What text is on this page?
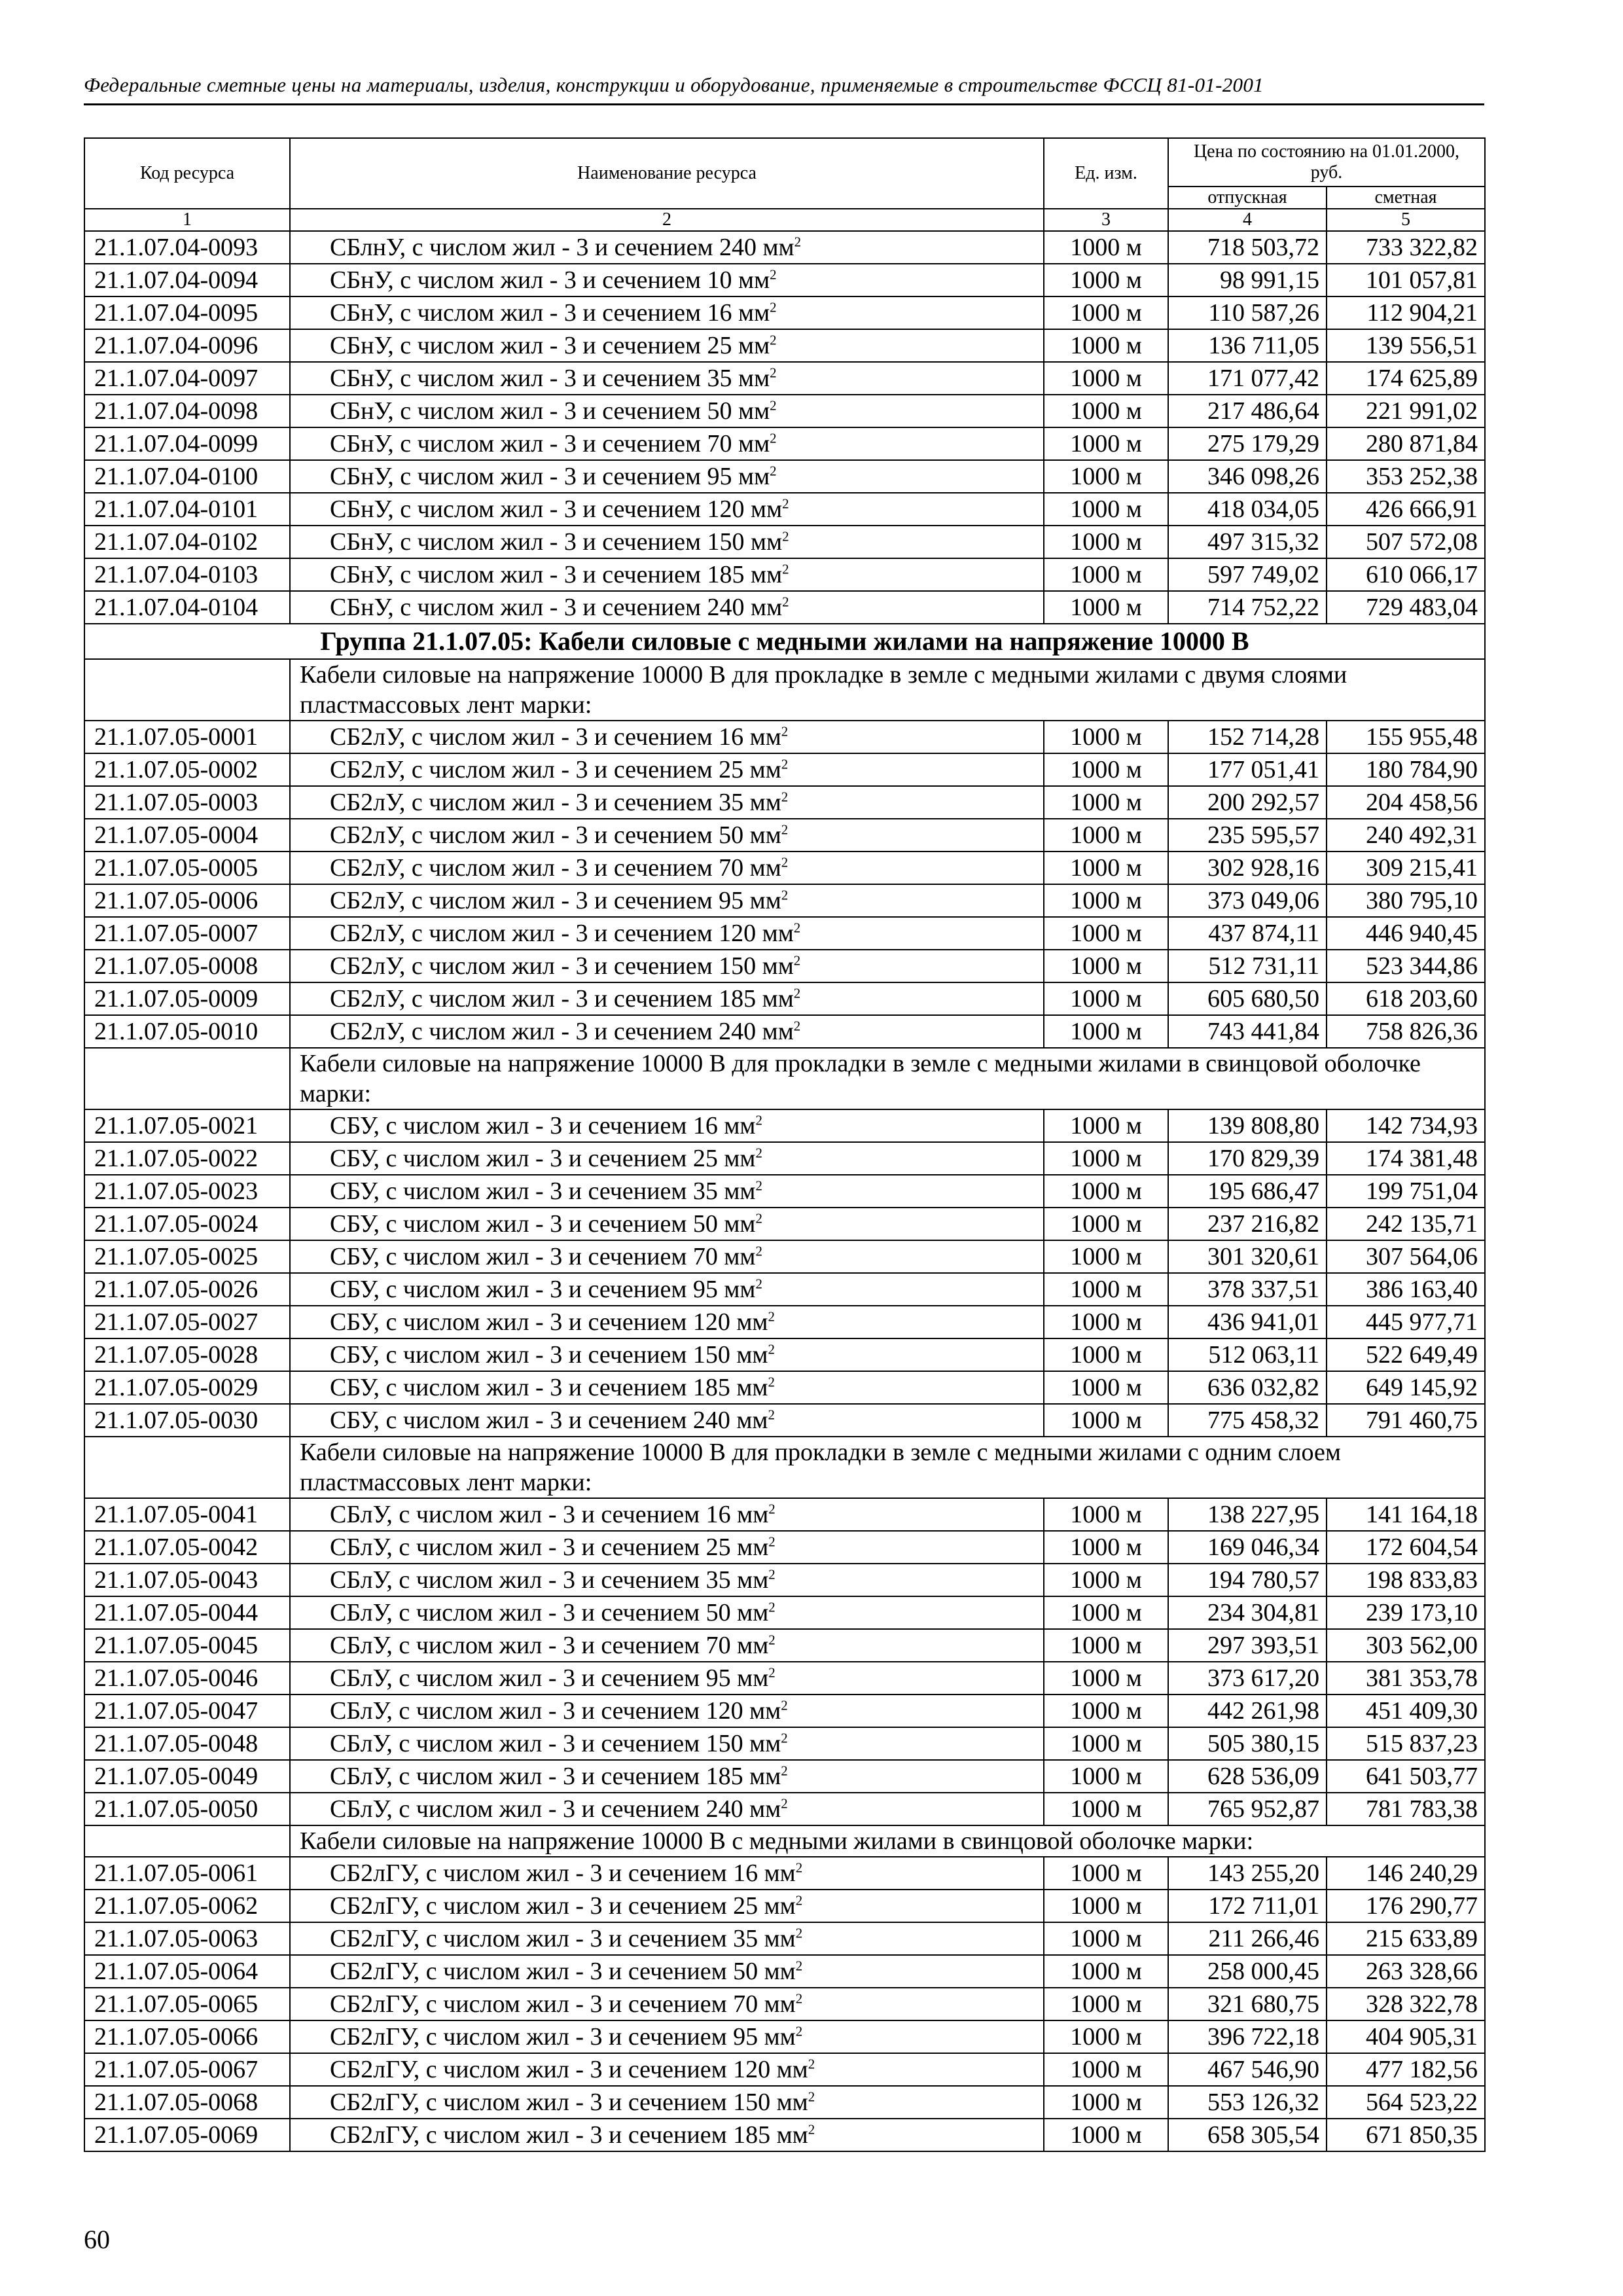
Федеральные сметные цены на материалы, изделия, конструкции и оборудование, применяемые в строительстве ФССЦ 81-01-2001
Код ресурса	Наименование ресурса	Ед. изм.	Цена по состоянию на 01.01.2000, руб.	
			отпускная	сметная
1	2	3	4	5
21.1.07.04-0093	СБлнУ, с числом жил - 3 и сечением 240 $мм^2$	1000 м	718 503,72	733 322,82
21.1.07.04-0094	СБнУ, с числом жил - 3 и сечением 10 $мм^2$	1000 м	98 991,15	101 057,81
21.1.07.04-0095	СБнУ, с числом жил - 3 и сечением 16 $мм^2$	1000 м	110 587,26	112 904,21
21.1.07.04-0096	СБнУ, с числом жил - 3 и сечением 25 $мм^2$	1000 м	136 711,05	139 556,51
21.1.07.04-0097	СБнУ, с числом жил - 3 и сечением 35 $мм^2$	1000 м	171 077,42	174 625,89
21.1.07.04-0098	СБнУ, с числом жил - 3 и сечением 50 $мм^2$	1000 м	217 486,64	221 991,02
21.1.07.04-0099	СБнУ, с числом жил - 3 и сечением 70 $мм^2$	1000 м	275 179,29	280 871,84
21.1.07.04-0100	СБнУ, с числом жил - 3 и сечением 95 $мм^2$	1000 м	346 098,26	353 252,38
21.1.07.04-0101	СБнУ, с числом жил - 3 и сечением 120 $мм^2$	1000 м	418 034,05	426 666,91
21.1.07.04-0102	СБнУ, с числом жил - 3 и сечением 150 $мм^2$	1000 м	497 315,32	507 572,08
21.1.07.04-0103	СБнУ, с числом жил - 3 и сечением 185 $мм^2$	1000 м	597 749,02	610 066,17
21.1.07.04-0104	СБнУ, с числом жил - 3 и сечением 240 $мм^2$	1000 м	714 752,22	729 483,04
Группа 21.1.07.05: Кабели силовые с медными жилами на напряжение 10000 В				
	Кабели силовые на напряжение 10000 В для прокладке в земле с медными жилами с двумя слоями пластмассовых лент марки:			
21.1.07.05-0001	СБ2лУ, с числом жил - 3 и сечением 16 $мм^2$	1000 м	152 714,28	155 955,48
21.1.07.05-0002	СБ2лУ, с числом жил - 3 и сечением 25 $мм^2$	1000 м	177 051,41	180 784,90
21.1.07.05-0003	СБ2лУ, с числом жил - 3 и сечением 35 $мм^2$	1000 м	200 292,57	204 458,56
21.1.07.05-0004	СБ2лУ, с числом жил - 3 и сечением 50 $мм^2$	1000 м	235 595,57	240 492,31
21.1.07.05-0005	СБ2лУ, с числом жил - 3 и сечением 70 $мм^2$	1000 м	302 928,16	309 215,41
21.1.07.05-0006	СБ2лУ, с числом жил - 3 и сечением 95 $мм^2$	1000 м	373 049,06	380 795,10
21.1.07.05-0007	СБ2лУ, с числом жил - 3 и сечением 120 $мм^2$	1000 м	437 874,11	446 940,45
21.1.07.05-0008	СБ2лУ, с числом жил - 3 и сечением 150 $мм^2$	1000 м	512 731,11	523 344,86
21.1.07.05-0009	СБ2лУ, с числом жил - 3 и сечением 185 $мм^2$	1000 м	605 680,50	618 203,60
21.1.07.05-0010	СБ2лУ, с числом жил - 3 и сечением 240 $мм^2$	1000 м	743 441,84	758 826,36
	Кабели силовые на напряжение 10000 В для прокладки в земле с медными жилами в свинцовой оболочке марки:			
21.1.07.05-0021	СБУ, с числом жил - 3 и сечением 16 $мм^2$	1000 м	139 808,80	142 734,93
21.1.07.05-0022	СБУ, с числом жил - 3 и сечением 25 $мм^2$	1000 м	170 829,39	174 381,48
21.1.07.05-0023	СБУ, с числом жил - 3 и сечением 35 $мм^2$	1000 м	195 686,47	199 751,04
21.1.07.05-0024	СБУ, с числом жил - 3 и сечением 50 $мм^2$	1000 м	237 216,82	242 135,71
21.1.07.05-0025	СБУ, с числом жил - 3 и сечением 70 $мм^2$	1000 м	301 320,61	307 564,06
21.1.07.05-0026	СБУ, с числом жил - 3 и сечением 95 $мм^2$	1000 м	378 337,51	386 163,40
21.1.07.05-0027	СБУ, с числом жил - 3 и сечением 120 $мм^2$	1000 м	436 941,01	445 977,71
21.1.07.05-0028	СБУ, с числом жил - 3 и сечением 150 $мм^2$	1000 м	512 063,11	522 649,49
21.1.07.05-0029	СБУ, с числом жил - 3 и сечением 185 $мм^2$	1000 м	636 032,82	649 145,92
21.1.07.05-0030	СБУ, с числом жил - 3 и сечением 240 $мм^2$	1000 м	775 458,32	791 460,75
	Кабели силовые на напряжение 10000 В для прокладки в земле с медными жилами с одним слоем пластмассовых лент марки:			
21.1.07.05-0041	СБлУ, с числом жил - 3 и сечением 16 $мм^2$	1000 м	138 227,95	141 164,18
21.1.07.05-0042	СБлУ, с числом жил - 3 и сечением 25 $мм^2$	1000 м	169 046,34	172 604,54
21.1.07.05-0043	СБлУ, с числом жил - 3 и сечением 35 $мм^2$	1000 м	194 780,57	198 833,83
21.1.07.05-0044	СБлУ, с числом жил - 3 и сечением 50 $мм^2$	1000 м	234 304,81	239 173,10
21.1.07.05-0045	СБлУ, с числом жил - 3 и сечением 70 $мм^2$	1000 м	297 393,51	303 562,00
21.1.07.05-0046	СБлУ, с числом жил - 3 и сечением 95 $мм^2$	1000 м	373 617,20	381 353,78
21.1.07.05-0047	СБлУ, с числом жил - 3 и сечением 120 $мм^2$	1000 м	442 261,98	451 409,30
21.1.07.05-0048	СБлУ, с числом жил - 3 и сечением 150 $мм^2$	1000 м	505 380,15	515 837,23
21.1.07.05-0049	СБлУ, с числом жил - 3 и сечением 185 $мм^2$	1000 м	628 536,09	641 503,77
21.1.07.05-0050	СБлУ, с числом жил - 3 и сечением 240 $мм^2$	1000 м	765 952,87	781 783,38
	Кабели силовые на напряжение 10000 В с медными жилами в свинцовой оболочке марки:			
21.1.07.05-0061	СБ2лГУ, с числом жил - 3 и сечением 16 $мм^2$	1000 м	143 255,20	146 240,29
21.1.07.05-0062	СБ2лГУ, с числом жил - 3 и сечением 25 $мм^2$	1000 м	172 711,01	176 290,77
21.1.07.05-0063	СБ2лГУ, с числом жил - 3 и сечением 35 $мм^2$	1000 м	211 266,46	215 633,89
21.1.07.05-0064	СБ2лГУ, с числом жил - 3 и сечением 50 $мм^2$	1000 м	258 000,45	263 328,66
21.1.07.05-0065	СБ2лГУ, с числом жил - 3 и сечением 70 $мм^2$	1000 м	321 680,75	328 322,78
21.1.07.05-0066	СБ2лГУ, с числом жил - 3 и сечением 95 $мм^2$	1000 м	396 722,18	404 905,31
21.1.07.05-0067	СБ2лГУ, с числом жил - 3 и сечением 120 $мм^2$	1000 м	467 546,90	477 182,56
21.1.07.05-0068	СБ2лГУ, с числом жил - 3 и сечением 150 $мм^2$	1000 м	553 126,32	564 523,22
21.1.07.05-0069	СБ2лГУ, с числом жил - 3 и сечением 185 $мм^2$	1000 м	658 305,54	671 850,35
60
